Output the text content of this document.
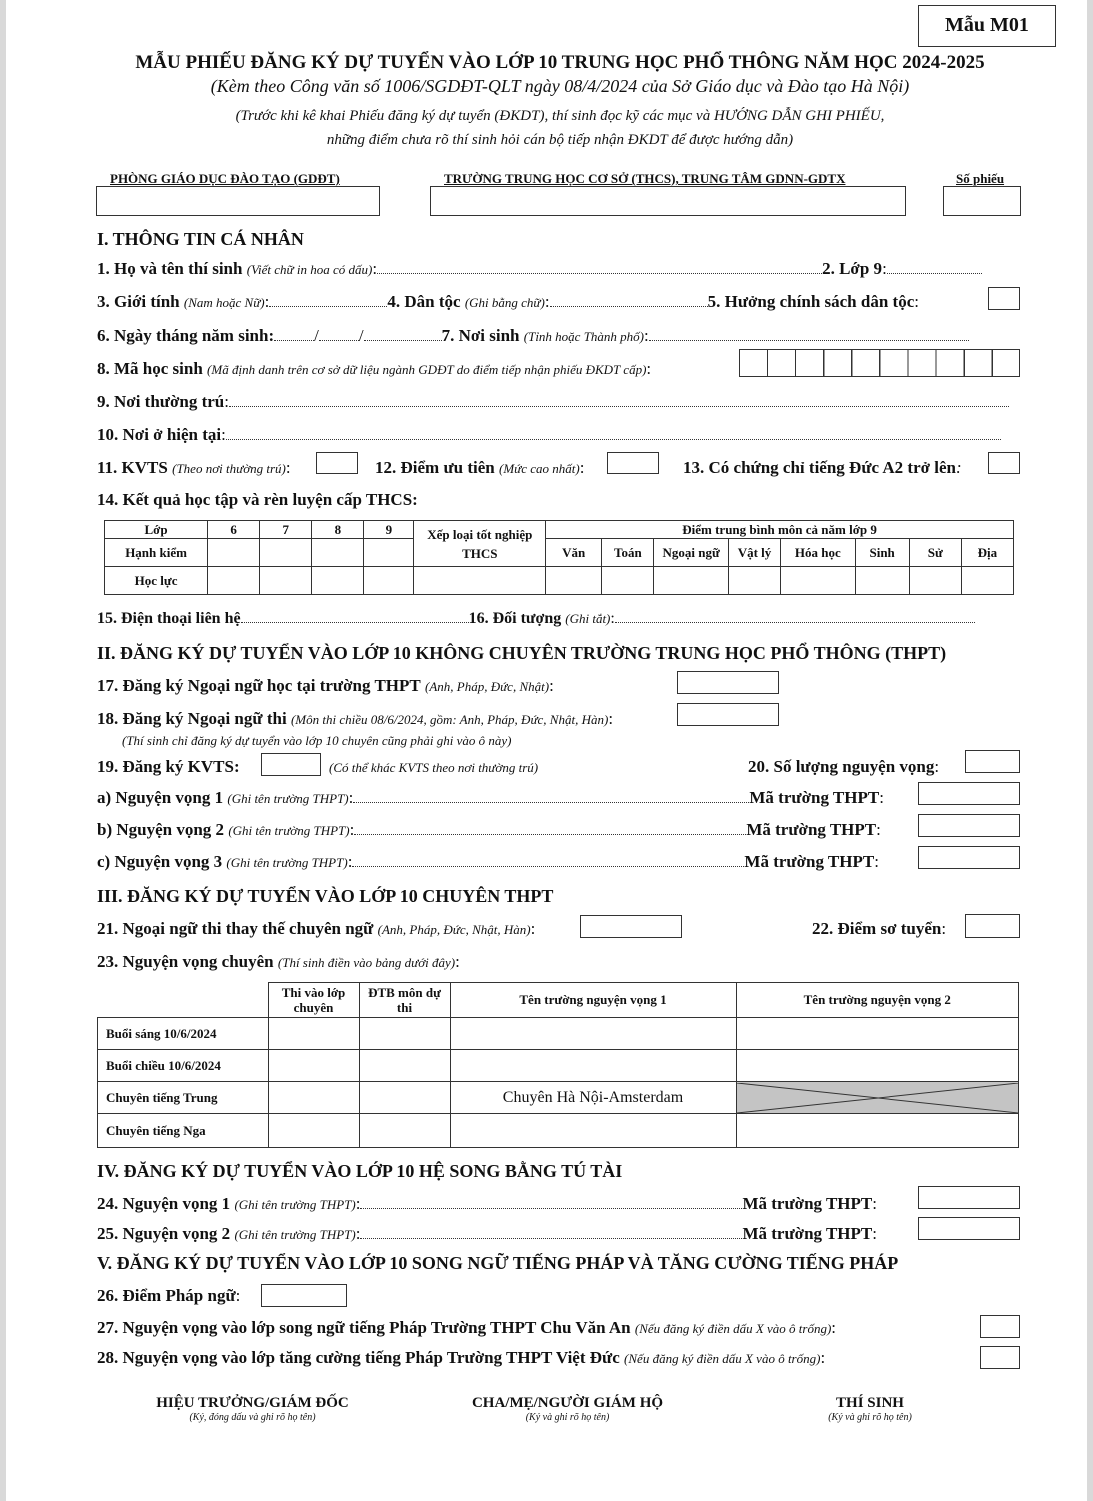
Mẫu M01
MẪU PHIẾU ĐĂNG KÝ DỰ TUYỂN VÀO LỚP 10 TRUNG HỌC PHỔ THÔNG NĂM HỌC 2024-2025
(Kèm theo Công văn số 1006/SGDĐT-QLT ngày 08/4/2024 của Sở Giáo dục và Đào tạo Hà Nội)
(Trước khi kê khai Phiếu đăng ký dự tuyển (ĐKDT), thí sinh đọc kỹ các mục và HƯỚNG DẪN GHI PHIẾU,
những điểm chưa rõ thí sinh hỏi cán bộ tiếp nhận ĐKDT để được hướng dẫn)
PHÒNG GIÁO DỤC ĐÀO TẠO (GDĐT)	TRƯỜNG TRUNG HỌC CƠ SỞ (THCS), TRUNG TÂM GDNN-GDTX	Số phiếu
I. THÔNG TIN CÁ NHÂN
1. Họ và tên thí sinh (Viết chữ in hoa có dấu):	2. Lớp 9:
3. Giới tính (Nam hoặc Nữ):	4. Dân tộc (Ghi bằng chữ):	5. Hưởng chính sách dân tộc:
6. Ngày tháng năm sinh: / /	7. Nơi sinh (Tỉnh hoặc Thành phố):
8. Mã học sinh (Mã định danh trên cơ sở dữ liệu ngành GDĐT do điểm tiếp nhận phiếu ĐKDT cấp):
9. Nơi thường trú:
10. Nơi ở hiện tại:
11. KVTS (Theo nơi thường trú):	12. Điểm ưu tiên (Mức cao nhất):	13. Có chứng chỉ tiếng Đức A2 trở lên:
14. Kết quả học tập và rèn luyện cấp THCS:
Lớp	6	7	8	9	Xếp loại tốt nghiệp THCS	Điểm trung bình môn cả năm lớp 9							
Hạnh kiểm						Văn	Toán	Ngoại ngữ	Vật lý	Hóa học	Sinh	Sử	Địa
Học lực													
15. Điện thoại liên hệ	16. Đối tượng (Ghi tắt):
II. ĐĂNG KÝ DỰ TUYỂN VÀO LỚP 10 KHÔNG CHUYÊN TRƯỜNG TRUNG HỌC PHỔ THÔNG (THPT)
17. Đăng ký Ngoại ngữ học tại trường THPT (Anh, Pháp, Đức, Nhật):
18. Đăng ký Ngoại ngữ thi (Môn thi chiều 08/6/2024, gồm: Anh, Pháp, Đức, Nhật, Hàn):
(Thí sinh chỉ đăng ký dự tuyển vào lớp 10 chuyên cũng phải ghi vào ô này)
19. Đăng ký KVTS:	(Có thể khác KVTS theo nơi thường trú)	20. Số lượng nguyện vọng:
a) Nguyện vọng 1 (Ghi tên trường THPT):	Mã trường THPT:
b) Nguyện vọng 2 (Ghi tên trường THPT):	Mã trường THPT:
c) Nguyện vọng 3 (Ghi tên trường THPT):	Mã trường THPT:
III. ĐĂNG KÝ DỰ TUYỂN VÀO LỚP 10 CHUYÊN THPT
21. Ngoại ngữ thi thay thế chuyên ngữ (Anh, Pháp, Đức, Nhật, Hàn):	22. Điểm sơ tuyển:
23. Nguyện vọng chuyên (Thí sinh điền vào bảng dưới đây):
	Thi vào lớp chuyên	ĐTB môn dự thi	Tên trường nguyện vọng 1	Tên trường nguyện vọng 2
Buổi sáng 10/6/2024				
Buổi chiều 10/6/2024				
Chuyên tiếng Trung			Chuyên Hà Nội-Amsterdam	

Chuyên tiếng Nga				
IV. ĐĂNG KÝ DỰ TUYỂN VÀO LỚP 10 HỆ SONG BẰNG TÚ TÀI
24. Nguyện vọng 1 (Ghi tên trường THPT):	Mã trường THPT:
25. Nguyện vọng 2 (Ghi tên trường THPT):	Mã trường THPT:
V. ĐĂNG KÝ DỰ TUYỂN VÀO LỚP 10 SONG NGỮ TIẾNG PHÁP VÀ TĂNG CƯỜNG TIẾNG PHÁP
26. Điểm Pháp ngữ:
27. Nguyện vọng vào lớp song ngữ tiếng Pháp Trường THPT Chu Văn An (Nếu đăng ký điền dấu X vào ô trống):
28. Nguyện vọng vào lớp tăng cường tiếng Pháp Trường THPT Việt Đức (Nếu đăng ký điền dấu X vào ô trống):
HIỆU TRƯỞNG/GIÁM ĐỐC
(Ký, đóng dấu và ghi rõ họ tên)
CHA/MẸ/NGƯỜI GIÁM HỘ
(Ký và ghi rõ họ tên)
THÍ SINH
(Ký và ghi rõ họ tên)
